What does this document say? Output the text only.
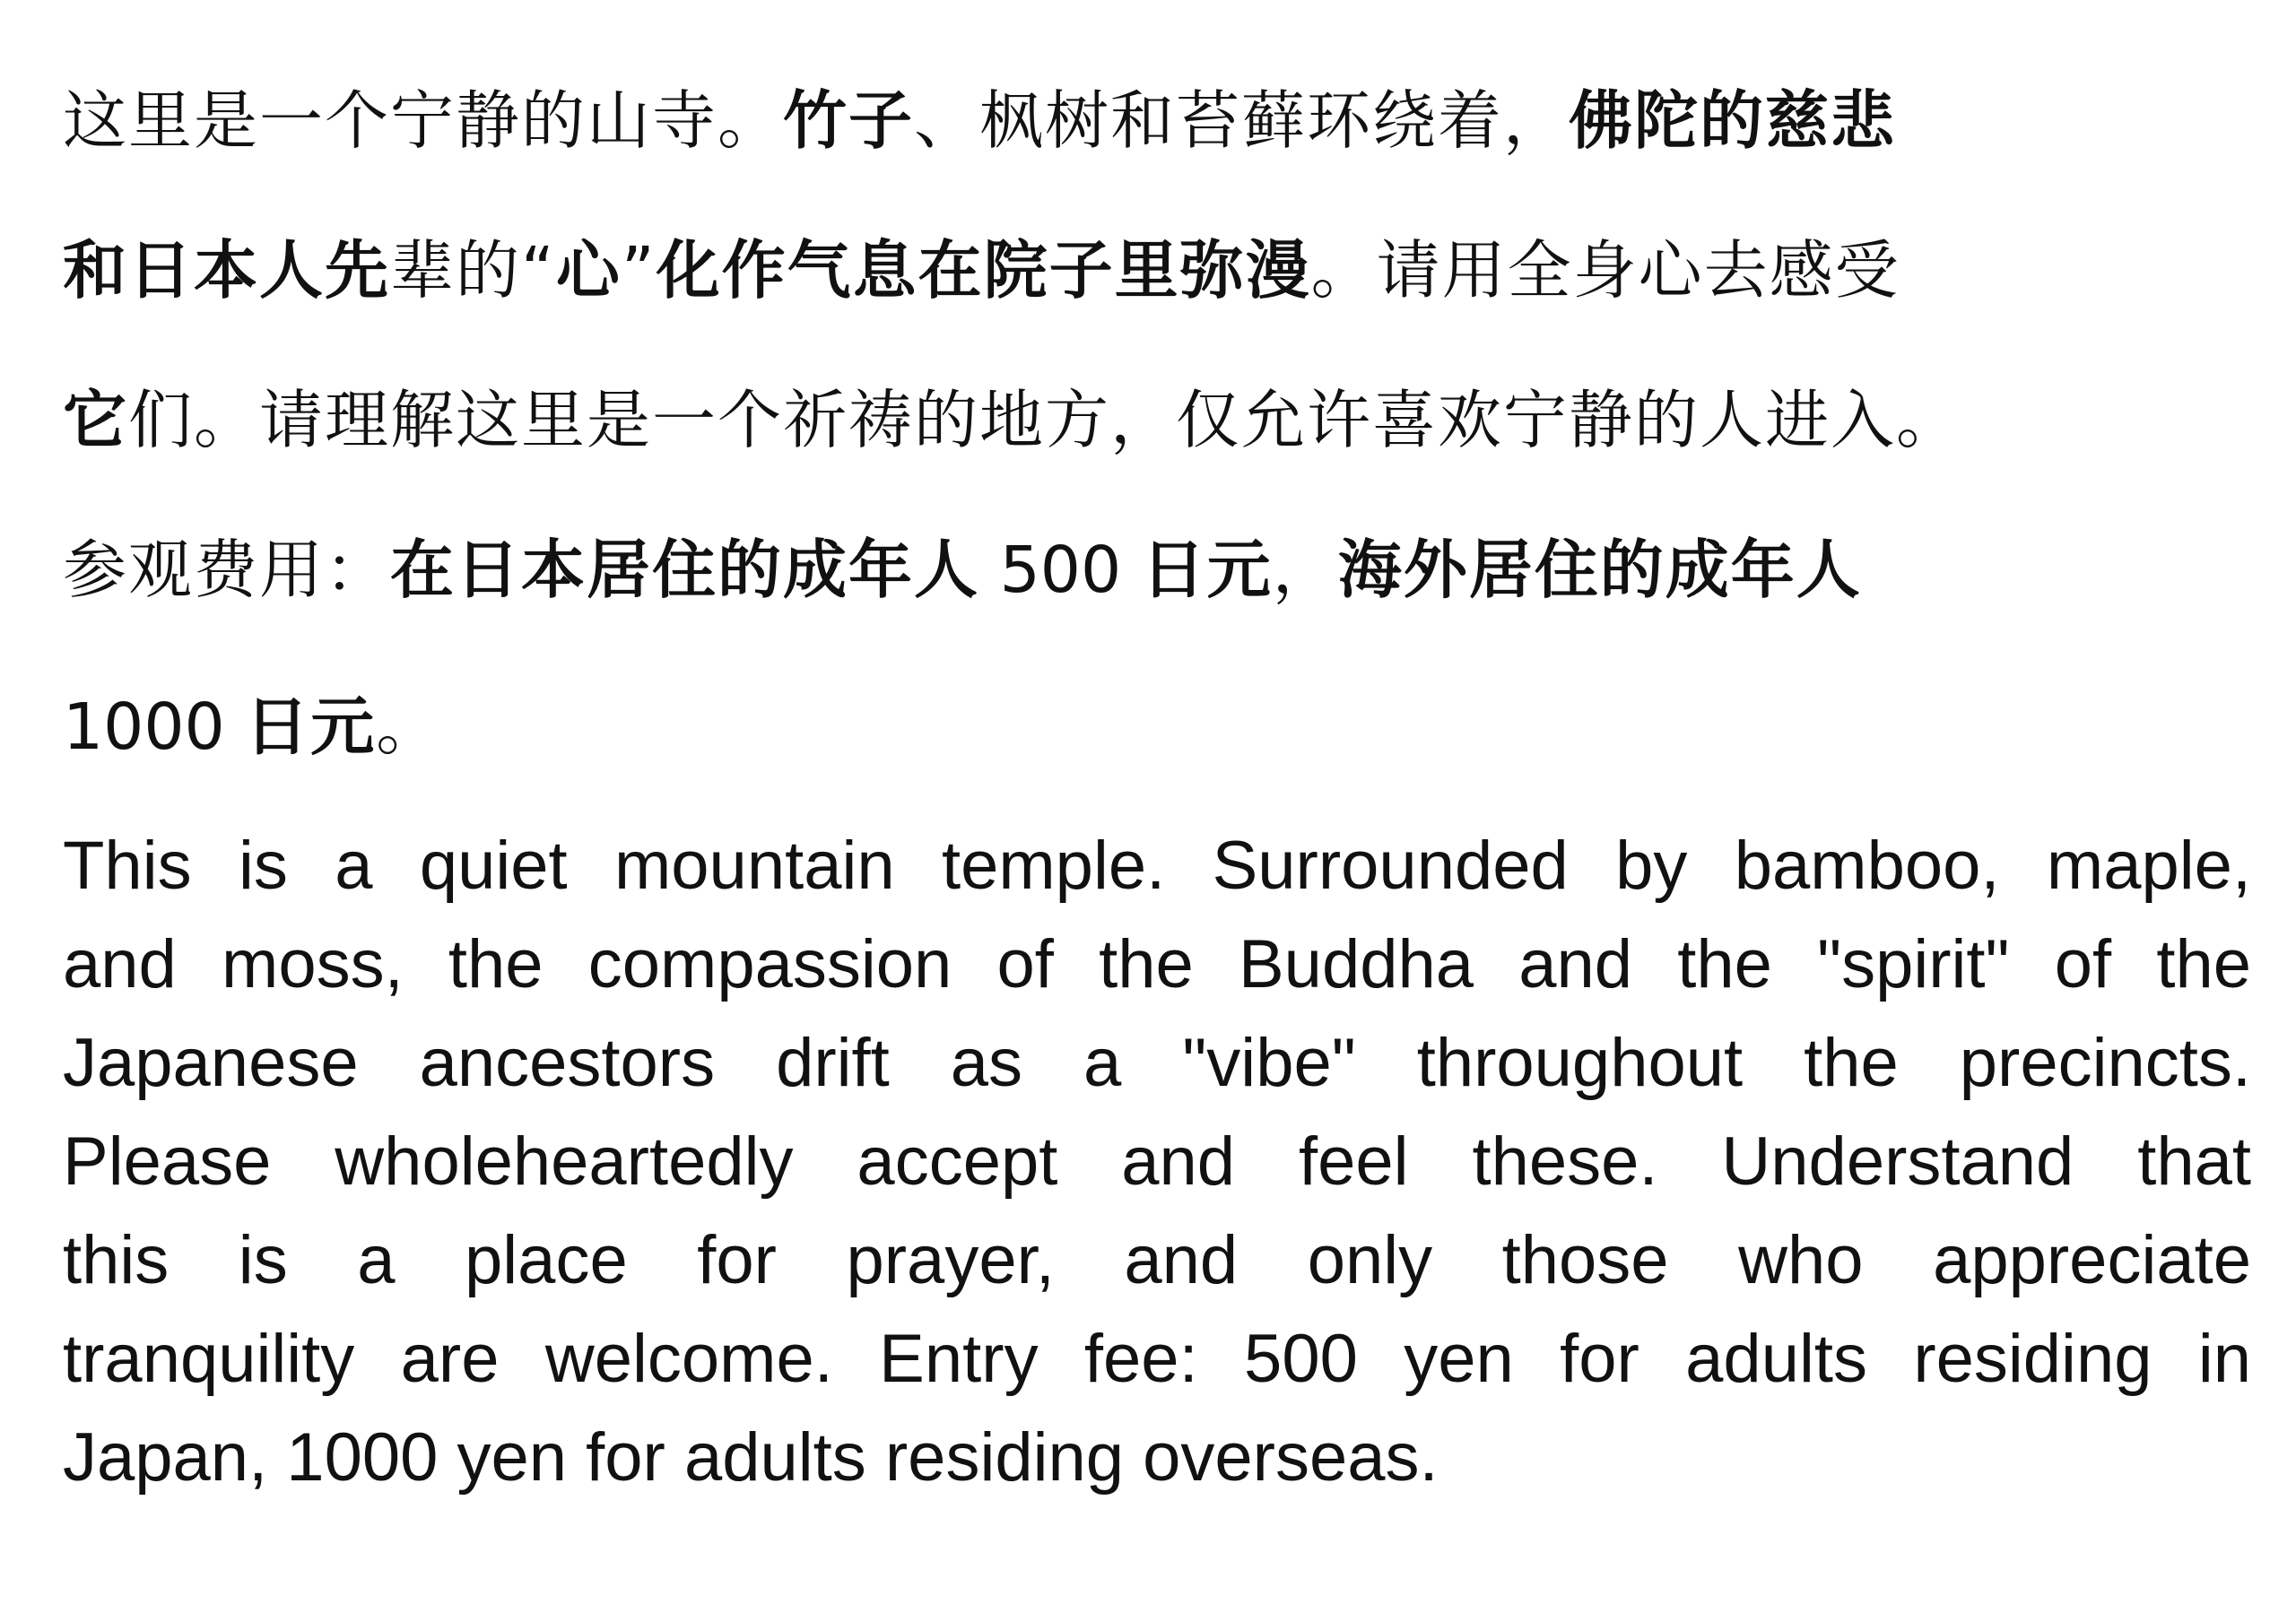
这里是一个宁静的山寺。竹子、枫树和苔藓环绕着，佛陀的慈悲

和日本人先辈的“心”化作气息在院子里弥漫。请用全身心去感受

它们。请理解这里是一个祈祷的地方，仅允许喜欢宁静的人进入。

参观费用：在日本居住的成年人 500 日元，海外居住的成年人

1000 日元。

This is a quiet mountain temple. Surrounded by bamboo, maple,
and moss, the compassion of the Buddha and the "spirit" of the
Japanese ancestors drift as a "vibe" throughout the precincts.
Please wholeheartedly accept and feel these. Understand that
this is a place for prayer, and only those who appreciate
tranquility are welcome. Entry fee: 500 yen for adults residing in
Japan, 1000 yen for adults residing overseas.
